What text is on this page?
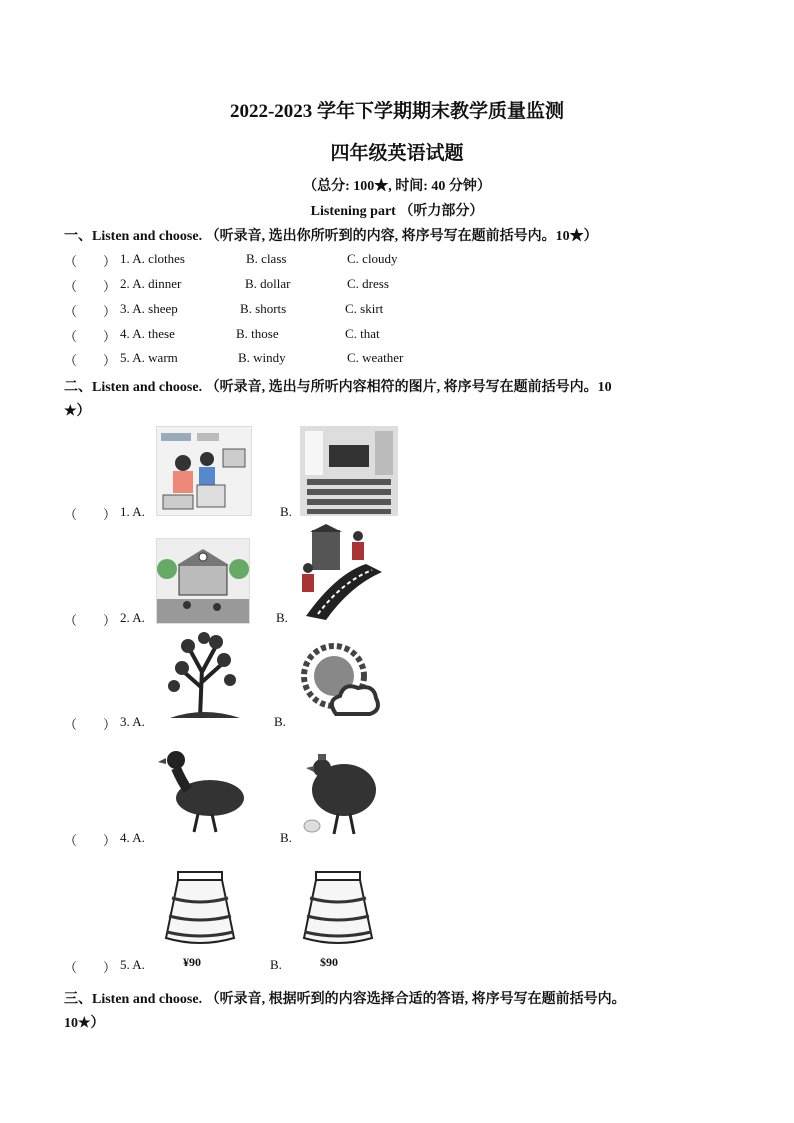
2022-2023 学年下学期期末教学质量监测
四年级英语试题
（总分: 100★, 时间: 40 分钟）
Listening part （听力部分）
一、Listen and choose. （听录音, 选出你所听到的内容, 将序号写在题前括号内。10★）
（　　） 1. A. clothes	B. class	C. cloudy
（　　） 2. A. dinner	B. dollar	C. dress
（　　） 3. A. sheep	B. shorts	C. skirt
（　　） 4. A. these	B. those	C. that
（　　） 5. A. warm	B. windy	C. weather
二、Listen and choose. （听录音, 选出与所听内容相符的图片, 将序号写在题前括号内。10
★）
（　　） 1. A.	B.
（　　） 2. A.	B.
（　　） 3. A.	B.
（　　） 4. A.	B.
¥90	$90
（　　） 5. A.	B.
三、Listen and choose. （听录音, 根据听到的内容选择合适的答语, 将序号写在题前括号内。
10★）
